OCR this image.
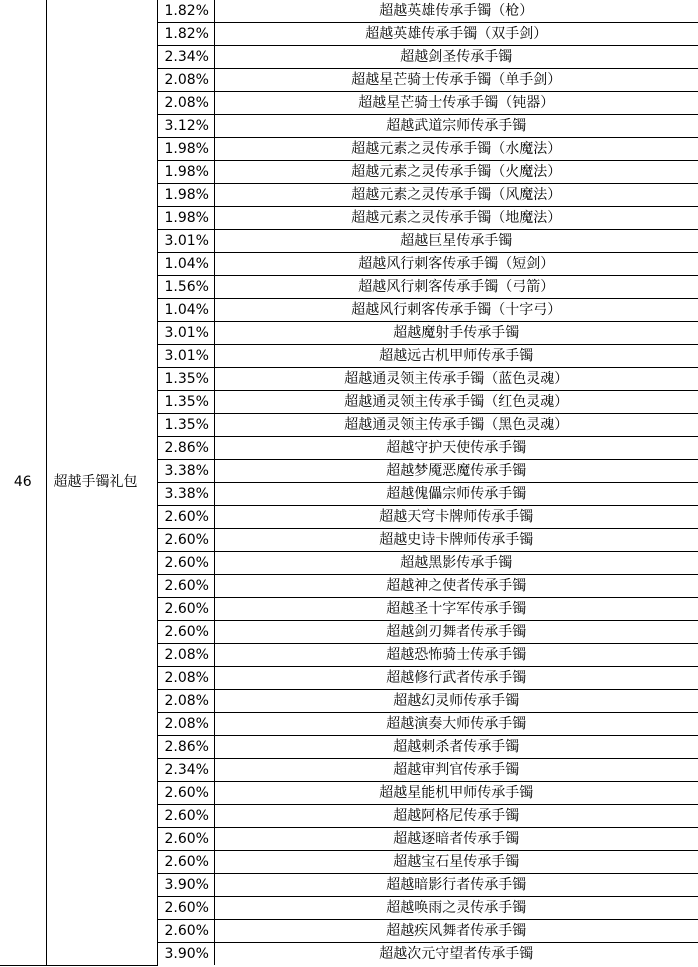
46	超越手镯礼包	1.82%	超越英雄传承手镯（枪）
		1.82%	超越英雄传承手镯（双手剑）
		2.34%	超越剑圣传承手镯
		2.08%	超越星芒骑士传承手镯（单手剑）
		2.08%	超越星芒骑士传承手镯（钝器）
		3.12%	超越武道宗师传承手镯
		1.98%	超越元素之灵传承手镯（水魔法）
		1.98%	超越元素之灵传承手镯（火魔法）
		1.98%	超越元素之灵传承手镯（风魔法）
		1.98%	超越元素之灵传承手镯（地魔法）
		3.01%	超越巨星传承手镯
		1.04%	超越风行刺客传承手镯（短剑）
		1.56%	超越风行刺客传承手镯（弓箭）
		1.04%	超越风行刺客传承手镯（十字弓）
		3.01%	超越魔射手传承手镯
		3.01%	超越远古机甲师传承手镯
		1.35%	超越通灵领主传承手镯（蓝色灵魂）
		1.35%	超越通灵领主传承手镯（红色灵魂）
		1.35%	超越通灵领主传承手镯（黑色灵魂）
		2.86%	超越守护天使传承手镯
		3.38%	超越梦魇恶魔传承手镯
		3.38%	超越傀儡宗师传承手镯
		2.60%	超越天穹卡牌师传承手镯
		2.60%	超越史诗卡牌师传承手镯
		2.60%	超越黑影传承手镯
		2.60%	超越神之使者传承手镯
		2.60%	超越圣十字军传承手镯
		2.60%	超越剑刃舞者传承手镯
		2.08%	超越恐怖骑士传承手镯
		2.08%	超越修行武者传承手镯
		2.08%	超越幻灵师传承手镯
		2.08%	超越演奏大师传承手镯
		2.86%	超越刺杀者传承手镯
		2.34%	超越审判官传承手镯
		2.60%	超越星能机甲师传承手镯
		2.60%	超越阿格尼传承手镯
		2.60%	超越逐暗者传承手镯
		2.60%	超越宝石星传承手镯
		3.90%	超越暗影行者传承手镯
		2.60%	超越唤雨之灵传承手镯
		2.60%	超越疾风舞者传承手镯
		3.90%	超越次元守望者传承手镯
